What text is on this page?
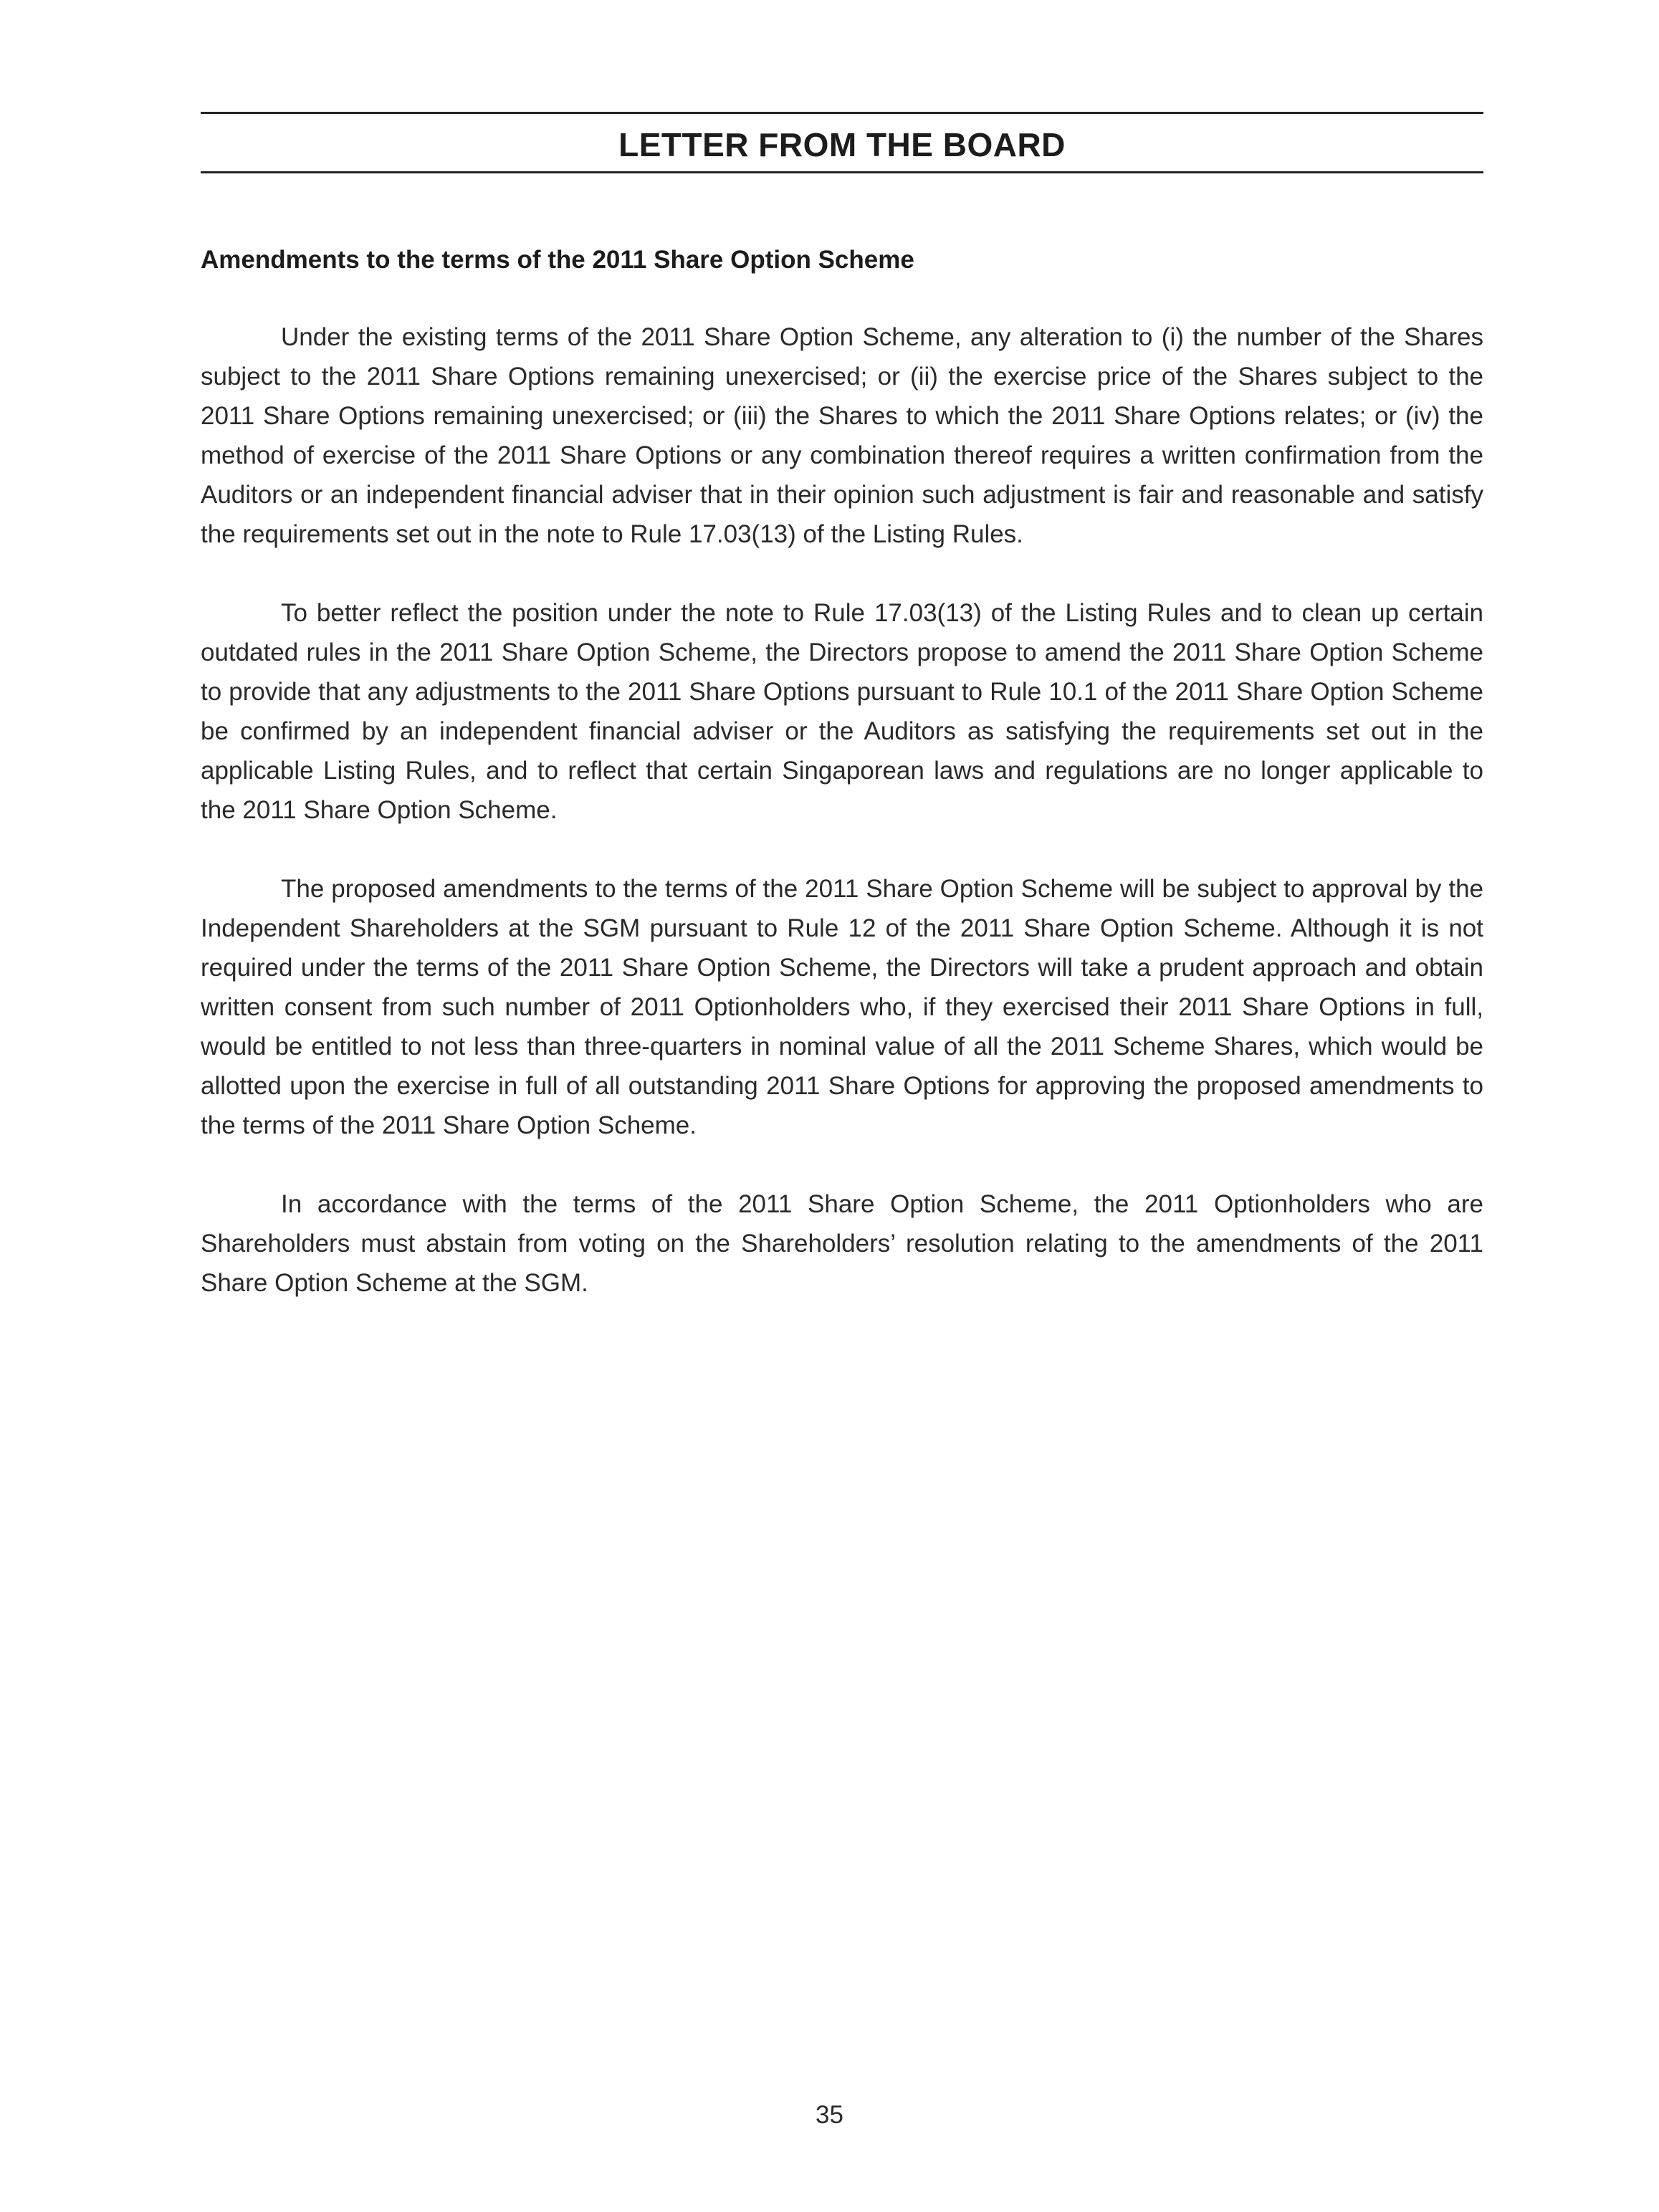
LETTER FROM THE BOARD
Amendments to the terms of the 2011 Share Option Scheme

Under the existing terms of the 2011 Share Option Scheme, any alteration to (i) the number of the Shares subject to the 2011 Share Options remaining unexercised; or (ii) the exercise price of the Shares subject to the 2011 Share Options remaining unexercised; or (iii) the Shares to which the 2011 Share Options relates; or (iv) the method of exercise of the 2011 Share Options or any combination thereof requires a written confirmation from the Auditors or an independent financial adviser that in their opinion such adjustment is fair and reasonable and satisfy the requirements set out in the note to Rule 17.03(13) of the Listing Rules.

To better reflect the position under the note to Rule 17.03(13) of the Listing Rules and to clean up certain outdated rules in the 2011 Share Option Scheme, the Directors propose to amend the 2011 Share Option Scheme to provide that any adjustments to the 2011 Share Options pursuant to Rule 10.1 of the 2011 Share Option Scheme be confirmed by an independent financial adviser or the Auditors as satisfying the requirements set out in the applicable Listing Rules, and to reflect that certain Singaporean laws and regulations are no longer applicable to the 2011 Share Option Scheme.

The proposed amendments to the terms of the 2011 Share Option Scheme will be subject to approval by the Independent Shareholders at the SGM pursuant to Rule 12 of the 2011 Share Option Scheme. Although it is not required under the terms of the 2011 Share Option Scheme, the Directors will take a prudent approach and obtain written consent from such number of 2011 Optionholders who, if they exercised their 2011 Share Options in full, would be entitled to not less than three-quarters in nominal value of all the 2011 Scheme Shares, which would be allotted upon the exercise in full of all outstanding 2011 Share Options for approving the proposed amendments to the terms of the 2011 Share Option Scheme.

In accordance with the terms of the 2011 Share Option Scheme, the 2011 Optionholders who are Shareholders must abstain from voting on the Shareholders’ resolution relating to the amendments of the 2011 Share Option Scheme at the SGM.

35
